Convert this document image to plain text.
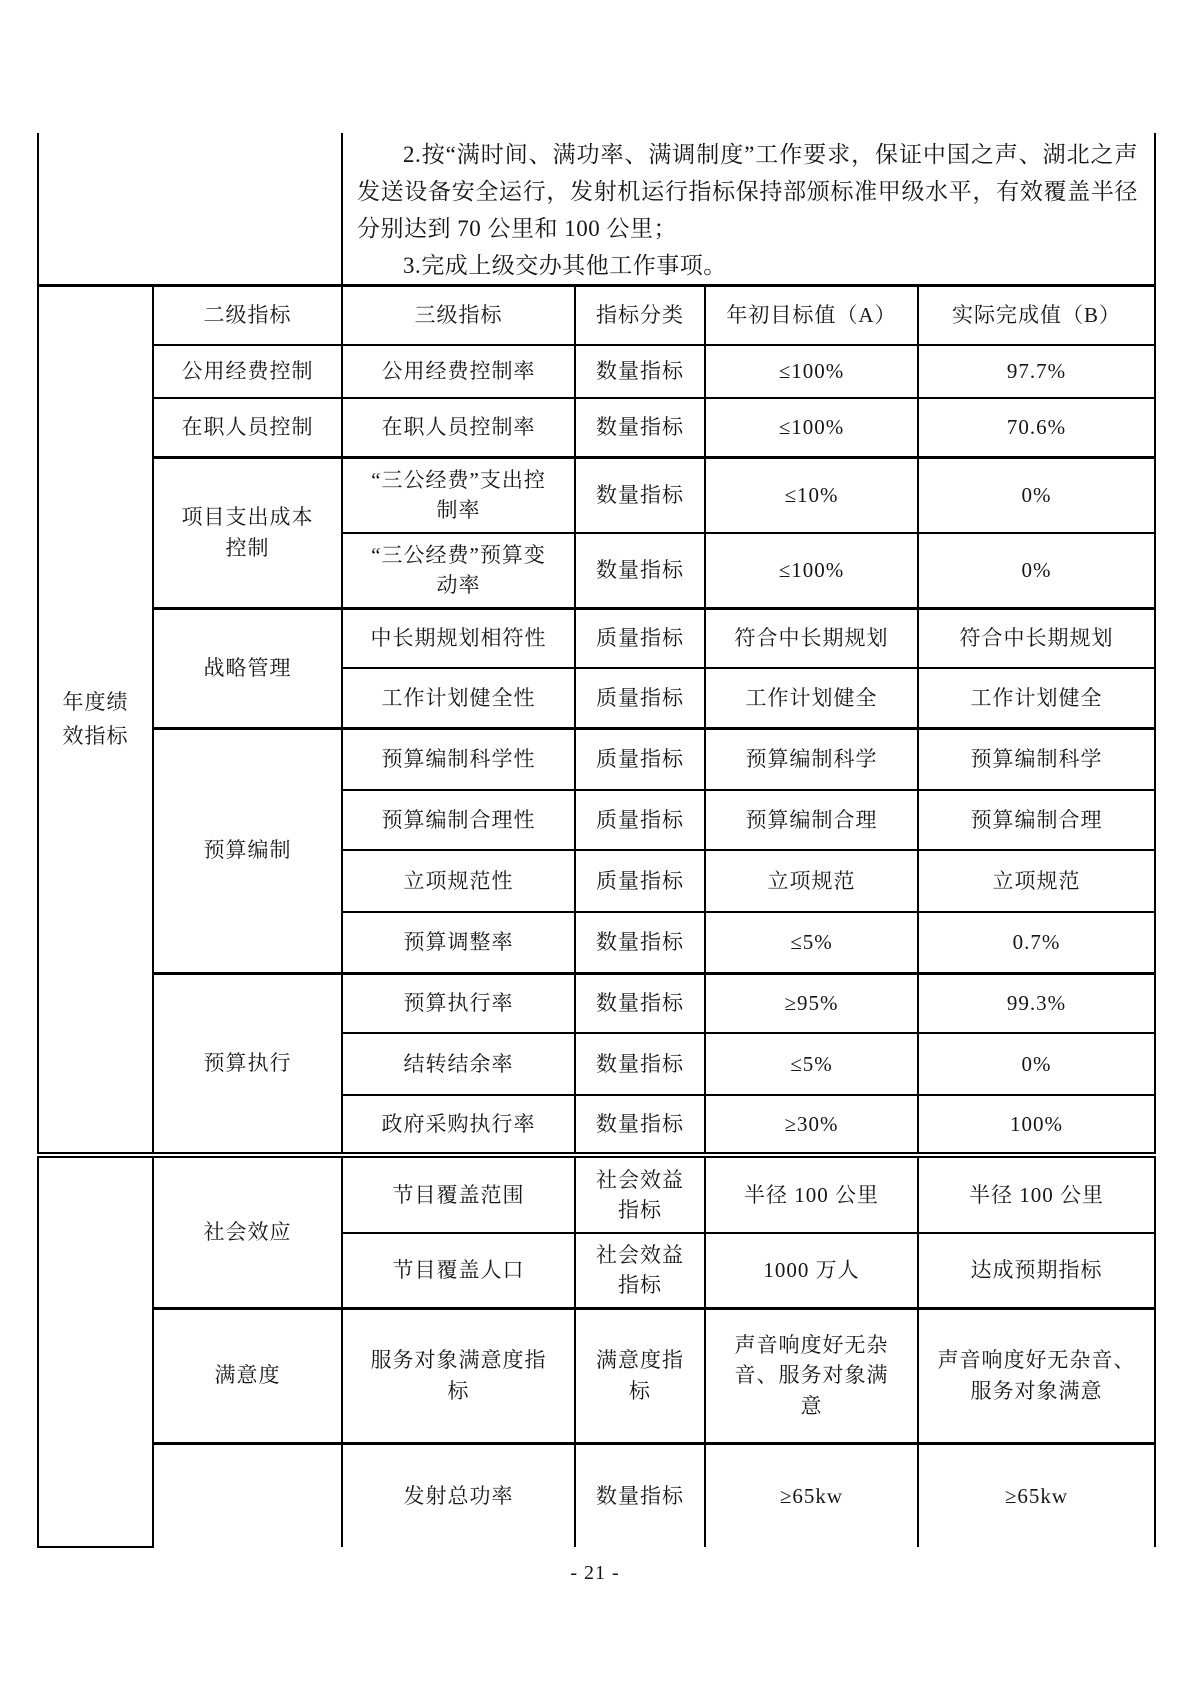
2.按“满时间、满功率、满调制度”工作要求，保证中国之声、湖北之声发送设备安全运行，发射机运行指标保持部颁标准甲级水平，有效覆盖半径分别达到 70 公里和 100 公里；

3.完成上级交办其他工作事项。

年度绩效指标	二级指标	三级指标	指标分类	年初目标值（A）	实际完成值（B）
	公用经费控制	公用经费控制率	数量指标	≤100%	97.7%
	在职人员控制	在职人员控制率	数量指标	≤100%	70.6%
	项目支出成本控制	“三公经费”支出控制率	数量指标	≤10%	0%
		“三公经费”预算变动率	数量指标	≤100%	0%
	战略管理	中长期规划相符性	质量指标	符合中长期规划	符合中长期规划
		工作计划健全性	质量指标	工作计划健全	工作计划健全
	预算编制	预算编制科学性	质量指标	预算编制科学	预算编制科学
		预算编制合理性	质量指标	预算编制合理	预算编制合理
		立项规范性	质量指标	立项规范	立项规范
		预算调整率	数量指标	≤5%	0.7%
	预算执行	预算执行率	数量指标	≥95%	99.3%
		结转结余率	数量指标	≤5%	0%
		政府采购执行率	数量指标	≥30%	100%
	社会效应	节目覆盖范围	社会效益指标	半径 100 公里	半径 100 公里
		节目覆盖人口	社会效益指标	1000 万人	达成预期指标
	满意度	服务对象满意度指标	满意度指标	声音响度好无杂音、服务对象满意	声音响度好无杂音、服务对象满意
		发射总功率	数量指标	≥65kw	≥65kw
- 21 -
